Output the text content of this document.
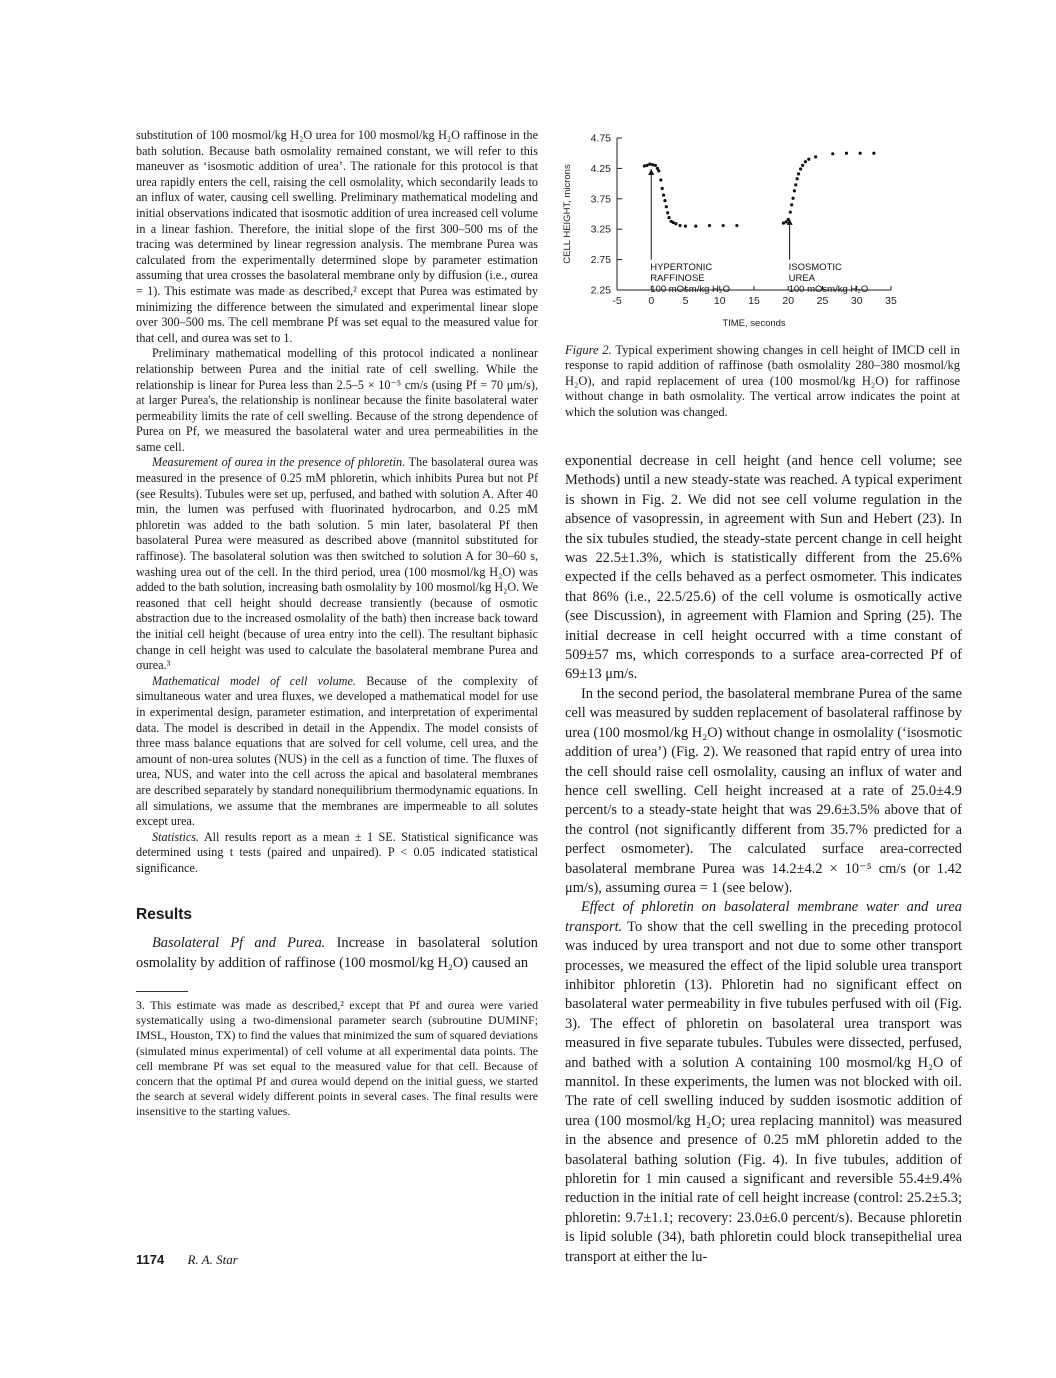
substitution of 100 mosmol/kg H₂O urea for 100 mosmol/kg H₂O raffinose in the bath solution. Because bath osmolality remained constant, we will refer to this maneuver as ‘isosmotic addition of urea’. The rationale for this protocol is that urea rapidly enters the cell, raising the cell osmolality, which secondarily leads to an influx of water, causing cell swelling. Preliminary mathematical modeling and initial observations indicated that isosmotic addition of urea increased cell volume in a linear fashion. Therefore, the initial slope of the first 300–500 ms of the tracing was determined by linear regression analysis. The membrane Purea was calculated from the experimentally determined slope by parameter estimation assuming that urea crosses the basolateral membrane only by diffusion (i.e., σurea = 1). This estimate was made as described,² except that Purea was estimated by minimizing the difference between the simulated and experimental linear slope over 300–500 ms. The cell membrane Pf was set equal to the measured value for that cell, and σurea was set to 1.

Preliminary mathematical modelling of this protocol indicated a nonlinear relationship between Purea and the initial rate of cell swelling. While the relationship is linear for Purea less than 2.5–5 × 10⁻⁵ cm/s (using Pf = 70 μm/s), at larger Purea's, the relationship is nonlinear because the finite basolateral water permeability limits the rate of cell swelling. Because of the strong dependence of Purea on Pf, we measured the basolateral water and urea permeabilities in the same cell.

Measurement of σurea in the presence of phloretin. The basolateral σurea was measured in the presence of 0.25 mM phloretin, which inhibits Purea but not Pf (see Results). Tubules were set up, perfused, and bathed with solution A. After 40 min, the lumen was perfused with fluorinated hydrocarbon, and 0.25 mM phloretin was added to the bath solution. 5 min later, basolateral Pf then basolateral Purea were measured as described above (mannitol substituted for raffinose). The basolateral solution was then switched to solution A for 30–60 s, washing urea out of the cell. In the third period, urea (100 mosmol/kg H₂O) was added to the bath solution, increasing bath osmolality by 100 mosmol/kg H₂O. We reasoned that cell height should decrease transiently (because of osmotic abstraction due to the increased osmolality of the bath) then increase back toward the initial cell height (because of urea entry into the cell). The resultant biphasic change in cell height was used to calculate the basolateral membrane Purea and σurea.³

Mathematical model of cell volume. Because of the complexity of simultaneous water and urea fluxes, we developed a mathematical model for use in experimental design, parameter estimation, and interpretation of experimental data. The model is described in detail in the Appendix. The model consists of three mass balance equations that are solved for cell volume, cell urea, and the amount of non-urea solutes (NUS) in the cell as a function of time. The fluxes of urea, NUS, and water into the cell across the apical and basolateral membranes are described separately by standard nonequilibrium thermodynamic equations. In all simulations, we assume that the membranes are impermeable to all solutes except urea.

Statistics. All results report as a mean ± 1 SE. Statistical significance was determined using t tests (paired and unpaired). P < 0.05 indicated statistical significance.

Results

Basolateral Pf and Purea. Increase in basolateral solution osmolality by addition of raffinose (100 mosmol/kg H₂O) caused an

3. This estimate was made as described,² except that Pf and σurea were varied systematically using a two-dimensional parameter search (subroutine DUMINF; IMSL, Houston, TX) to find the values that minimized the sum of squared deviations (simulated minus experimental) of cell volume at all experimental data points. The cell membrane Pf was set equal to the measured value for that cell. Because of concern that the optimal Pf and σurea would depend on the initial guess, we started the search at several widely different points in several cases. The final results were insensitive to the starting values.

2.25
2.75
3.25
3.75
4.25
4.75
-5	0	5 10 15 20 25 30 35
TIME, seconds
CELL HEIGHT, microns
HYPERTONIC
RAFFINOSE
100 mOsm/kg H₂O
ISOSMOTIC
UREA
100 mOsm/kg H₂O

Figure 2. Typical experiment showing changes in cell height of IMCD cell in response to rapid addition of raffinose (bath osmolality 280–380 mosmol/kg H₂O), and rapid replacement of urea (100 mosmol/kg H₂O) for raffinose without change in bath osmolality. The vertical arrow indicates the point at which the solution was changed.

exponential decrease in cell height (and hence cell volume; see Methods) until a new steady-state was reached. A typical experiment is shown in Fig. 2. We did not see cell volume regulation in the absence of vasopressin, in agreement with Sun and Hebert (23). In the six tubules studied, the steady-state percent change in cell height was 22.5±1.3%, which is statistically different from the 25.6% expected if the cells behaved as a perfect osmometer. This indicates that 86% (i.e., 22.5/25.6) of the cell volume is osmotically active (see Discussion), in agreement with Flamion and Spring (25). The initial decrease in cell height occurred with a time constant of 509±57 ms, which corresponds to a surface area-corrected Pf of 69±13 μm/s.

In the second period, the basolateral membrane Purea of the same cell was measured by sudden replacement of basolateral raffinose by urea (100 mosmol/kg H₂O) without change in osmolality (‘isosmotic addition of urea’) (Fig. 2). We reasoned that rapid entry of urea into the cell should raise cell osmolality, causing an influx of water and hence cell swelling. Cell height increased at a rate of 25.0±4.9 percent/s to a steady-state height that was 29.6±3.5% above that of the control (not significantly different from 35.7% predicted for a perfect osmometer). The calculated surface area-corrected basolateral membrane Purea was 14.2±4.2 × 10⁻⁵ cm/s (or 1.42 μm/s), assuming σurea = 1 (see below).

Effect of phloretin on basolateral membrane water and urea transport. To show that the cell swelling in the preceding protocol was induced by urea transport and not due to some other transport processes, we measured the effect of the lipid soluble urea transport inhibitor phloretin (13). Phloretin had no significant effect on basolateral water permeability in five tubules perfused with oil (Fig. 3). The effect of phloretin on basolateral urea transport was measured in five separate tubules. Tubules were dissected, perfused, and bathed with a solution A containing 100 mosmol/kg H₂O of mannitol. In these experiments, the lumen was not blocked with oil. The rate of cell swelling induced by sudden isosmotic addition of urea (100 mosmol/kg H₂O; urea replacing mannitol) was measured in the absence and presence of 0.25 mM phloretin added to the basolateral bathing solution (Fig. 4). In five tubules, addition of phloretin for 1 min caused a significant and reversible 55.4±9.4% reduction in the initial rate of cell height increase (control: 25.2±5.3; phloretin: 9.7±1.1; recovery: 23.0±6.0 percent/s). Because phloretin is lipid soluble (34), bath phloretin could block transepithelial urea transport at either the lu-

1174 R. A. Star
